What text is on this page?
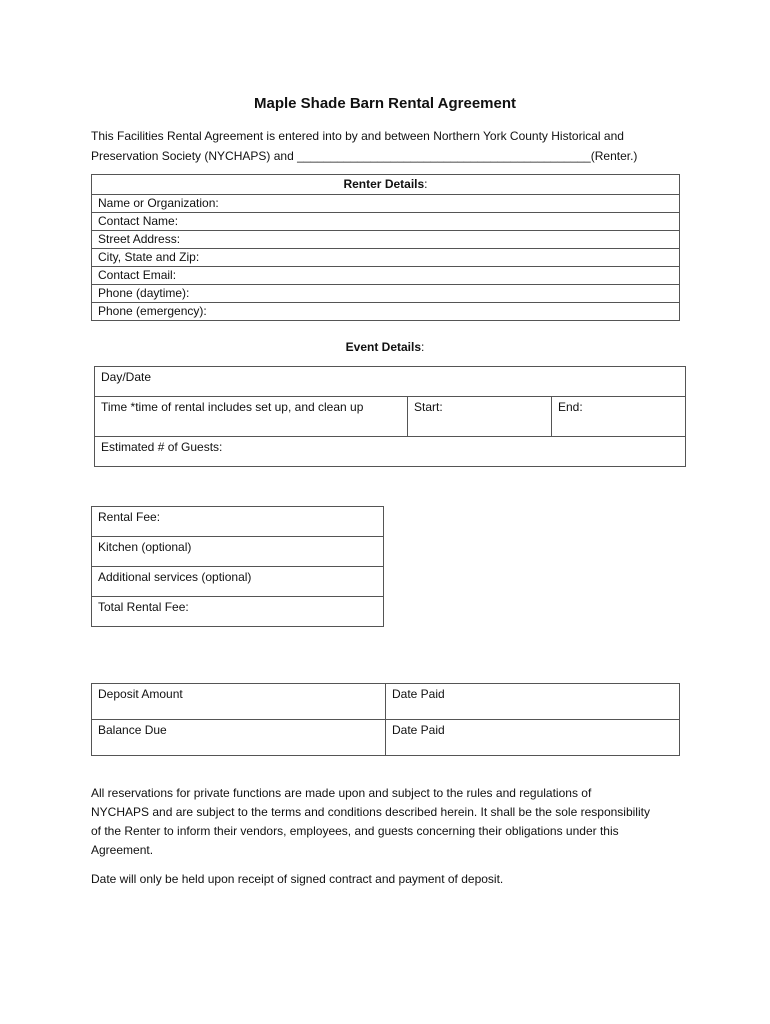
Maple Shade Barn Rental Agreement
This Facilities Rental Agreement is entered into by and between Northern York County Historical and
Preservation Society (NYCHAPS) and ____________________________________________(Renter.)
Renter Details:
Name or Organization:
Contact Name:
Street Address:
City, State and Zip:
Contact Email:
Phone (daytime):
Phone (emergency):
Event Details:
Day/Date
Time *time of rental includes set up, and clean up	Start:	End:
Estimated # of Guests:
Rental Fee:
Kitchen (optional)
Additional services (optional)
Total Rental Fee:
Deposit Amount	Date Paid
Balance Due	Date Paid
All reservations for private functions are made upon and subject to the rules and regulations of
NYCHAPS and are subject to the terms and conditions described herein. It shall be the sole responsibility
of the Renter to inform their vendors, employees, and guests concerning their obligations under this
Agreement.
Date will only be held upon receipt of signed contract and payment of deposit.
